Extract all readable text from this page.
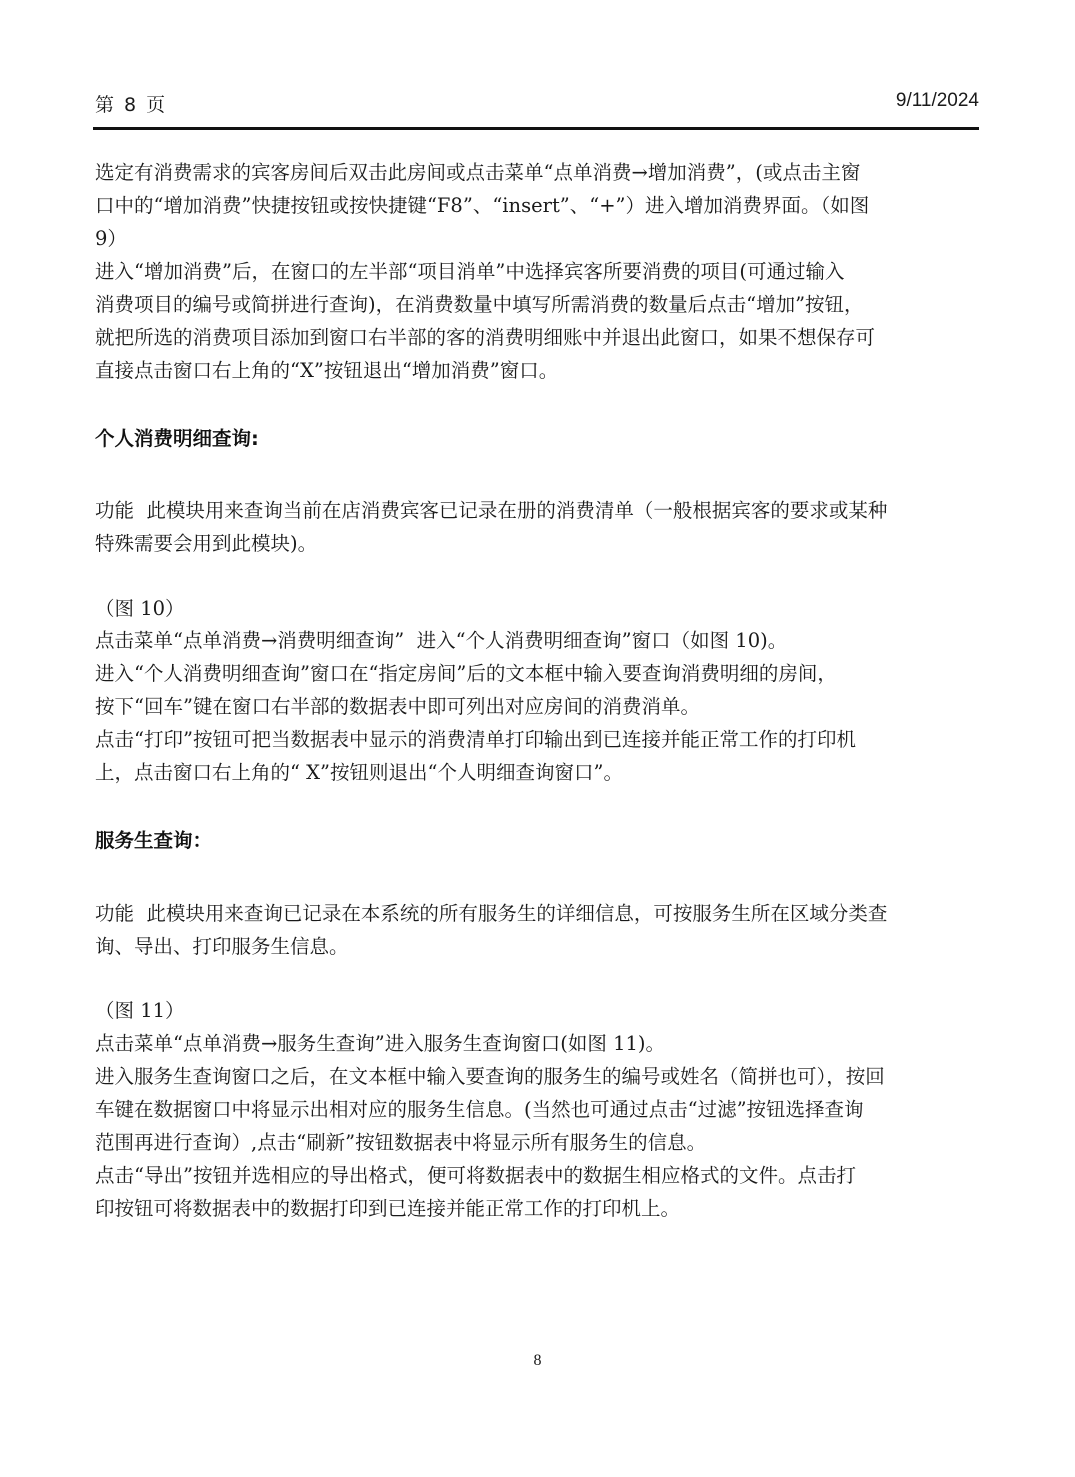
第 8 页	9/11/2024

选定有消费需求的宾客房间后双击此房间或点击菜单“点单消费→增加消费”，(或点击主窗

口中的“增加消费”快捷按钮或按快捷键“F8”、“insert”、“+”）进入增加消费界面。（如图

9）

进入“增加消费”后，在窗口的左半部“项目消单”中选择宾客所要消费的项目(可通过输入

消费项目的编号或简拼进行查询)，在消费数量中填写所需消费的数量后点击“增加”按钮，

就把所选的消费项目添加到窗口右半部的客的消费明细账中并退出此窗口，如果不想保存可

直接点击窗口右上角的“X”按钮退出“增加消费”窗口。

个人消费明细查询:

功能  此模块用来查询当前在店消费宾客已记录在册的消费清单（一般根据宾客的要求或某种

特殊需要会用到此模块)。

（图 10）

点击菜单“点单消费→消费明细查询”  进入“个人消费明细查询”窗口（如图 10)。

进入“个人消费明细查询”窗口在“指定房间”后的文本框中输入要查询消费明细的房间，

按下“回车”键在窗口右半部的数据表中即可列出对应房间的消费消单。

点击“打印”按钮可把当数据表中显示的消费清单打印输出到已连接并能正常工作的打印机

上，点击窗口右上角的“ X”按钮则退出“个人明细查询窗口”。

服务生查询：

功能  此模块用来查询已记录在本系统的所有服务生的详细信息，可按服务生所在区域分类查

询、导出、打印服务生信息。

（图 11）

点击菜单“点单消费→服务生查询”进入服务生查询窗口(如图 11)。

进入服务生查询窗口之后，在文本框中输入要查询的服务生的编号或姓名（简拼也可），按回

车键在数据窗口中将显示出相对应的服务生信息。(当然也可通过点击“过滤”按钮选择查询

范围再进行查询）,点击“刷新”按钮数据表中将显示所有服务生的信息。

点击“导出”按钮并选相应的导出格式，便可将数据表中的数据生相应格式的文件。点击打

印按钮可将数据表中的数据打印到已连接并能正常工作的打印机上。

8
